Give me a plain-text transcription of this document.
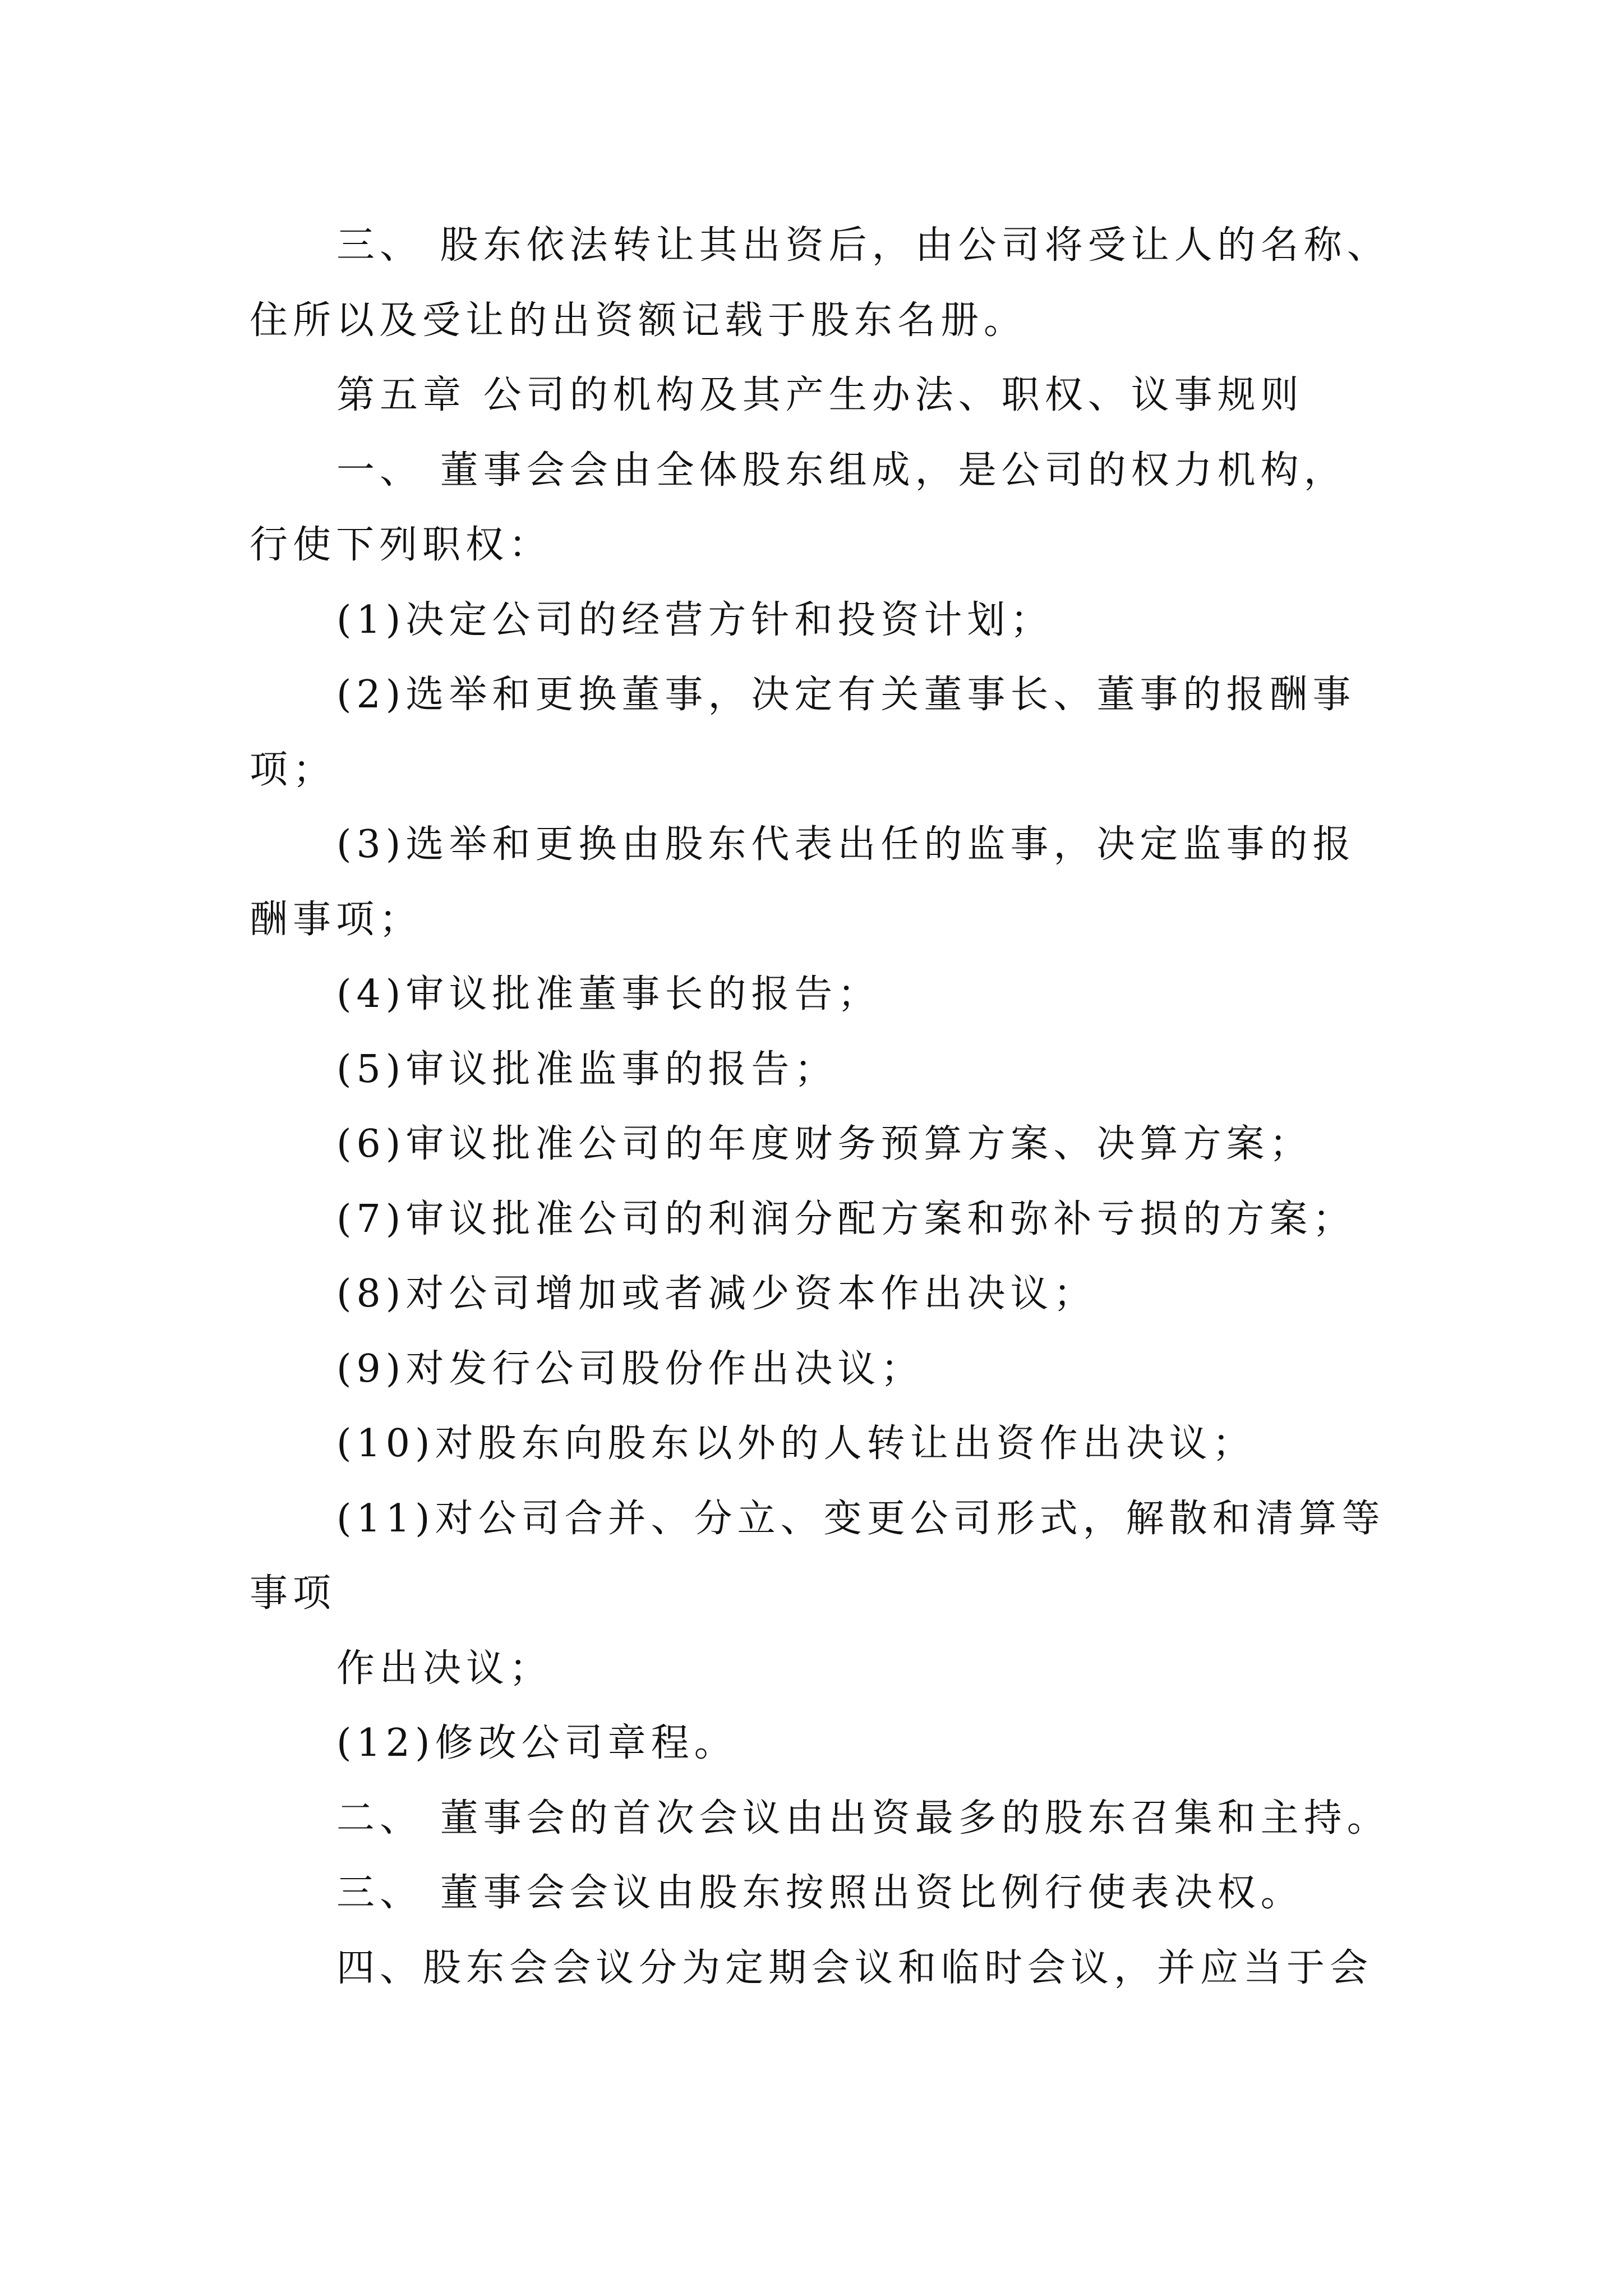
三、 股东依法转让其出资后，由公司将受让人的名称、
住所以及受让的出资额记载于股东名册。
第五章 公司的机构及其产生办法、职权、议事规则
一、 董事会会由全体股东组成，是公司的权力机构，
行使下列职权：
(1)决定公司的经营方针和投资计划；
(2)选举和更换董事，决定有关董事长、董事的报酬事
项；
(3)选举和更换由股东代表出任的监事，决定监事的报
酬事项；
(4)审议批准董事长的报告；
(5)审议批准监事的报告；
(6)审议批准公司的年度财务预算方案、决算方案；
(7)审议批准公司的利润分配方案和弥补亏损的方案；
(8)对公司增加或者减少资本作出决议；
(9)对发行公司股份作出决议；
(10)对股东向股东以外的人转让出资作出决议；
(11)对公司合并、分立、变更公司形式，解散和清算等
事项
作出决议；
(12)修改公司章程。
二、 董事会的首次会议由出资最多的股东召集和主持。
三、 董事会会议由股东按照出资比例行使表决权。
四、股东会会议分为定期会议和临时会议，并应当于会
